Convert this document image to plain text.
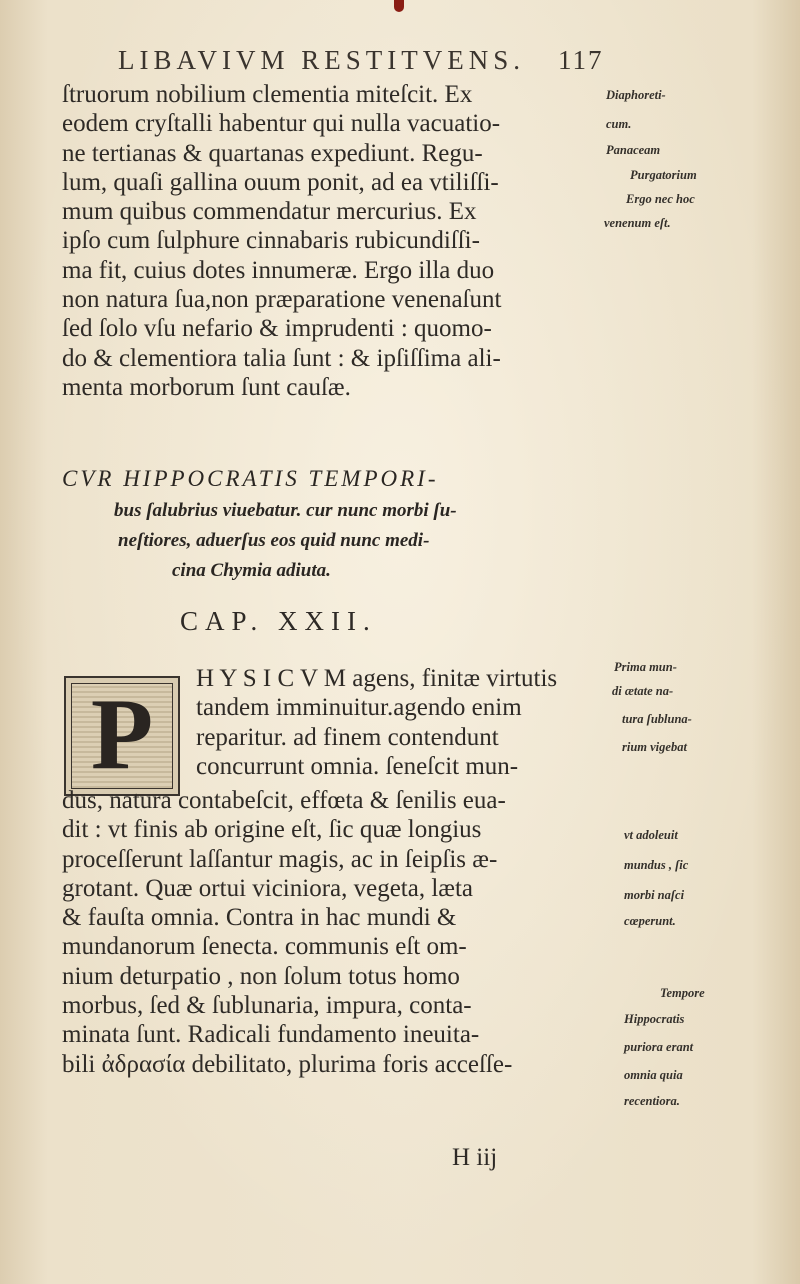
LIBAVIVM RESTITVENS. 117
ſtruorum nobilium clementia miteſcit. Ex
eodem cryſtalli habentur qui nulla vacuatio-
ne tertianas & quartanas expediunt. Regu-
lum, quaſi gallina ouum ponit, ad ea vtiliſſi-
mum quibus commendatur mercurius. Ex
ipſo cum ſulphure cinnabaris rubicundiſſi-
ma fit, cuius dotes innumeræ. Ergo illa duo
non natura ſua,non præparatione venenaſunt
ſed ſolo vſu nefario & imprudenti : quomo-
do & clementiora talia ſunt : & ipſiſſima ali-
menta morborum ſunt cauſæ.
Diaphoreti-
cum.
Panaceam
Purgatorium
Ergo nec hoc
venenum eſt.
CVR HIPPOCRATIS TEMPORI-
bus ſalubrius viuebatur. cur nunc morbi ſu-
neſtiores, aduerſus eos quid nunc medi-
cina Chymia adiuta.
CAP. XXII.
P	H Y S I C V M agens, finitæ virtutis
tandem imminuitur.agendo enim
reparitur. ad finem contendunt
concurrunt omnia. ſeneſcit mun-
dus, natura contabeſcit, effœta & ſenilis eua-
dit : vt finis ab origine eſt, ſic quæ longius
proceſſerunt laſſantur magis, ac in ſeipſis æ-
grotant. Quæ ortui viciniora, vegeta, læta
& fauſta omnia. Contra in hac mundi &
mundanorum ſenecta. communis eſt om-
nium deturpatio , non ſolum totus homo
morbus, ſed & ſublunaria, impura, conta-
minata ſunt. Radicali fundamento ineuita-
bili ἀδρασία debilitato, plurima foris acceſſe-
Prima mun-
di ætate na-
tura ſubluna-
rium vigebat
vt adoleuit
mundus , ſic
morbi naſci
cœperunt.
Tempore
Hippocratis
puriora erant
omnia quia
recentiora.
H iij
